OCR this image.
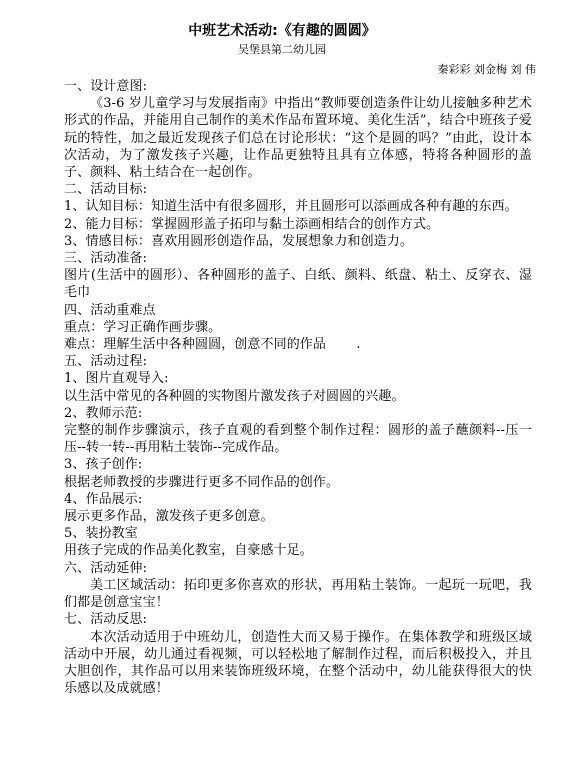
中班艺术活动:《有趣的圆圆》
吴堡县第二幼儿园
秦彩彩 刘金梅 刘 伟

一、设计意图:

《3-6 岁儿童学习与发展指南》中指出“教师要创造条件让幼儿接触多种艺术形式的作品，并能用自己制作的美术作品布置环境、美化生活”，结合中班孩子爱玩的特性，加之最近发现孩子们总在讨论形状：“这个是圆的吗？”由此，设计本次活动，为了激发孩子兴趣，让作品更独特且具有立体感，特将各种圆形的盖子、颜料、粘土结合在一起创作。

二、活动目标:

1、认知目标：知道生活中有很多圆形，并且圆形可以添画成各种有趣的东西。

2、能力目标：掌握圆形盖子拓印与黏土添画相结合的创作方式。

3、情感目标：喜欢用圆形创造作品，发展想象力和创造力。

三、活动准备:

图片(生活中的圆形）、各种圆形的盖子、白纸、颜料、纸盘、粘土、反穿衣、湿毛巾

四、活动重难点

重点：学习正确作画步骤。

难点：理解生活中各种圆圆，创意不同的作品　　 .

五、活动过程:

1、图片直观导入:

以生活中常见的各种圆的实物图片激发孩子对圆圆的兴趣。

2、教师示范:

完整的制作步骤演示，孩子直观的看到整个制作过程：圆形的盖子蘸颜料--压一压--转一转--再用粘土装饰--完成作品。

3、孩子创作:

根据老师教授的步骤进行更多不同作品的创作。

4、作品展示:

展示更多作品，激发孩子更多创意。

5、装扮教室

用孩子完成的作品美化教室，自豪感十足。

六、活动延伸:

美工区域活动：拓印更多你喜欢的形状，再用粘土装饰。一起玩一玩吧，我们都是创意宝宝！

七、活动反思:

本次活动适用于中班幼儿，创造性大而又易于操作。在集体教学和班级区域活动中开展，幼儿通过看视频，可以轻松地了解制作过程，而后积极投入，并且大胆创作，其作品可以用来装饰班级环境，在整个活动中，幼儿能获得很大的快乐感以及成就感！
